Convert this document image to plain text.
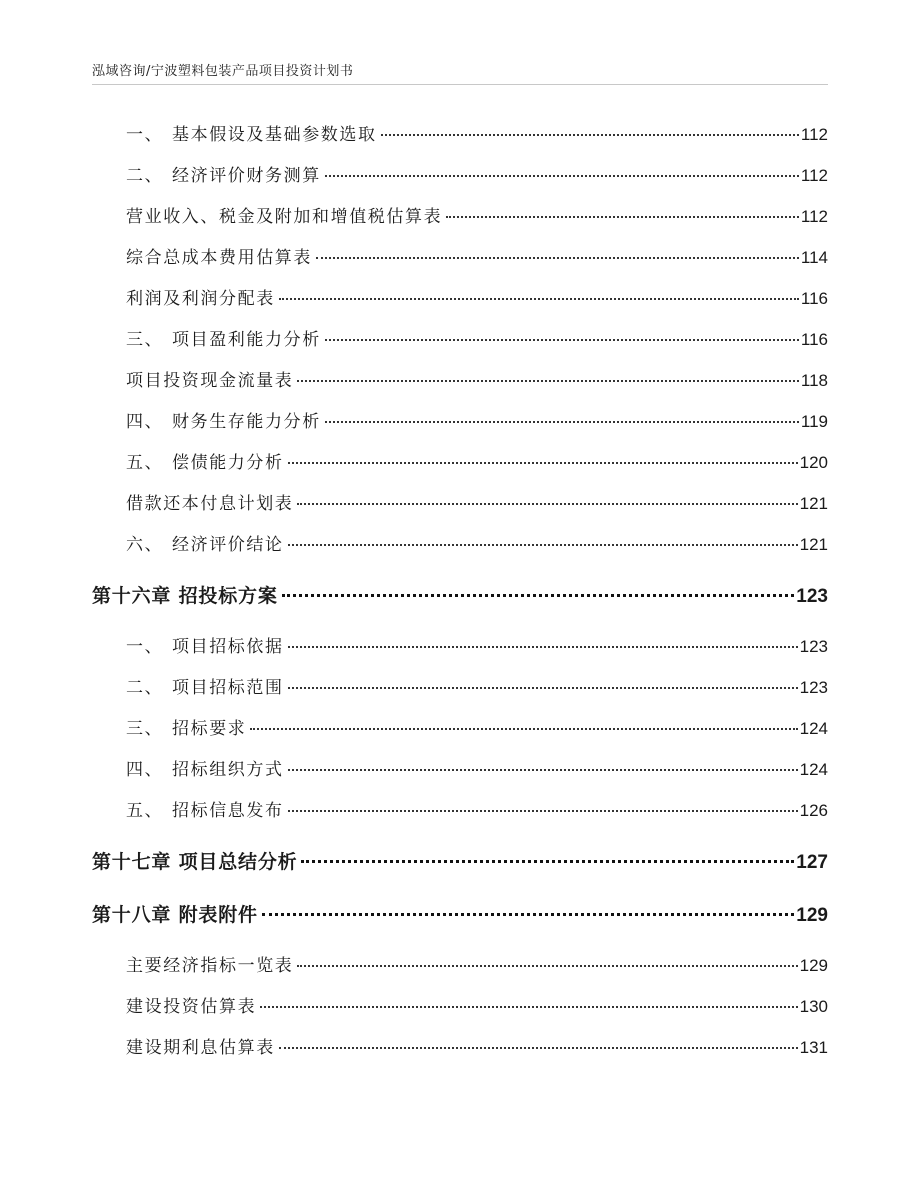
泓域咨询/宁波塑料包装产品项目投资计划书
一、 基本假设及基础参数选取	112
二、 经济评价财务测算	112
营业收入、税金及附加和增值税估算表	112
综合总成本费用估算表	114
利润及利润分配表	116
三、 项目盈利能力分析	116
项目投资现金流量表	118
四、 财务生存能力分析	119
五、 偿债能力分析	120
借款还本付息计划表	121
六、 经济评价结论	121
第十六章 招投标方案	123
一、 项目招标依据	123
二、 项目招标范围	123
三、 招标要求	124
四、 招标组织方式	124
五、 招标信息发布	126
第十七章 项目总结分析	127
第十八章 附表附件	129
主要经济指标一览表	129
建设投资估算表	130
建设期利息估算表	131
